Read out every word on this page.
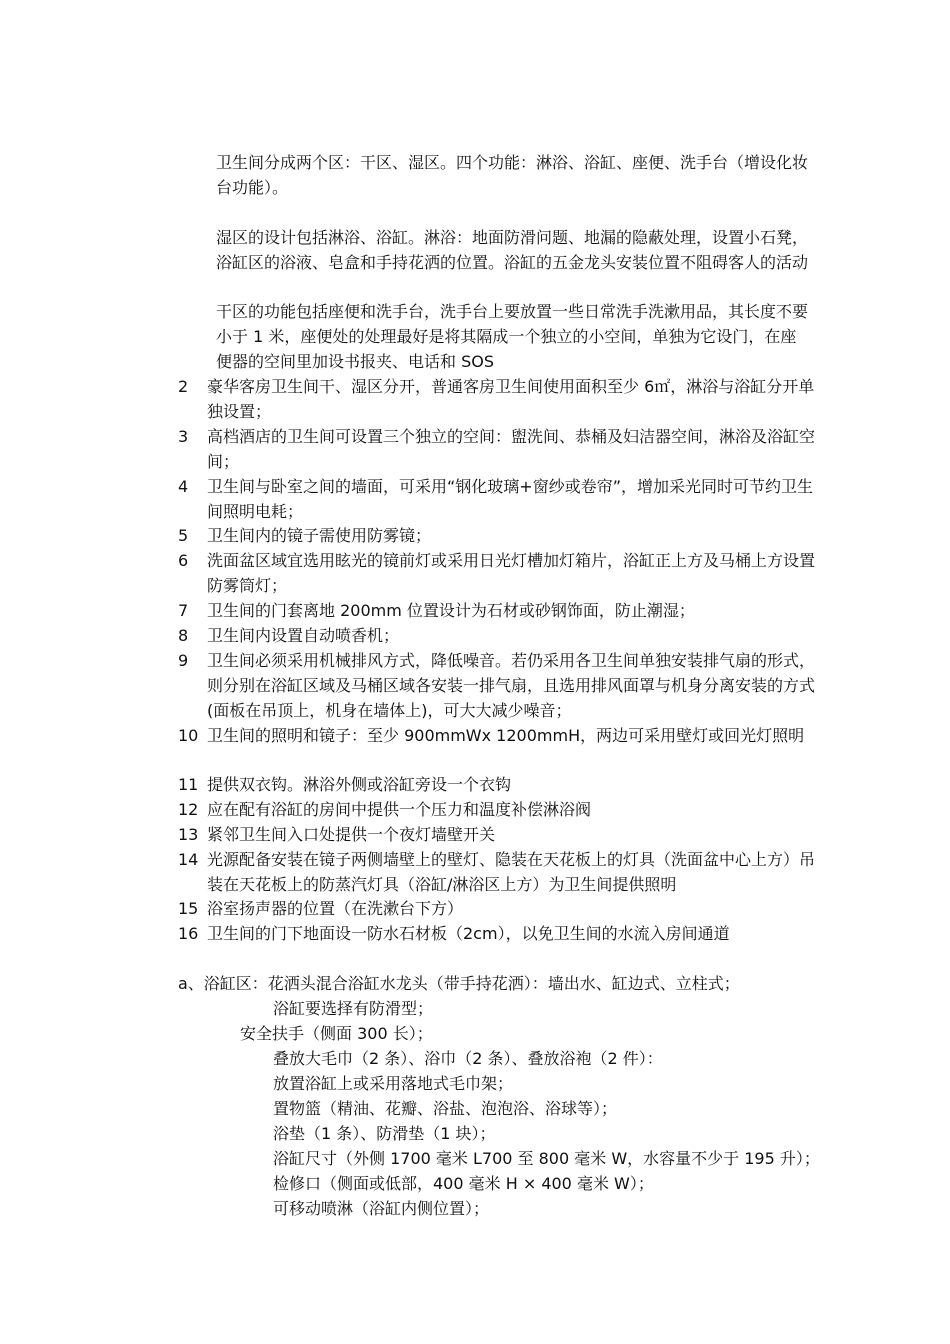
卫生间分成两个区：干区、湿区。四个功能：淋浴、浴缸、座便、洗手台（增设化妆台功能）。

湿区的设计包括淋浴、浴缸。淋浴：地面防滑问题、地漏的隐蔽处理，设置小石凳，浴缸区的浴液、皂盒和手持花洒的位置。浴缸的五金龙头安装位置不阻碍客人的活动

干区的功能包括座便和洗手台，洗手台上要放置一些日常洗手洗漱用品，其长度不要小于 1 米，座便处的处理最好是将其隔成一个独立的小空间，单独为它设门，在座便器的空间里加设书报夹、电话和 SOS

2	豪华客房卫生间干、湿区分开，普通客房卫生间使用面积至少 6㎡，淋浴与浴缸分开单独设置；
3	高档酒店的卫生间可设置三个独立的空间：盥洗间、恭桶及妇洁器空间，淋浴及浴缸空间；
4	卫生间与卧室之间的墙面，可采用“钢化玻璃+窗纱或卷帘”，增加采光同时可节约卫生间照明电耗；
5	卫生间内的镜子需使用防雾镜；
6	洗面盆区域宜选用眩光的镜前灯或采用日光灯槽加灯箱片，浴缸正上方及马桶上方设置防雾筒灯；
7	卫生间的门套离地 200mm 位置设计为石材或砂钢饰面，防止潮湿；
8	卫生间内设置自动喷香机；
9	卫生间必须采用机械排风方式，降低噪音。若仍采用各卫生间单独安装排气扇的形式，则分别在浴缸区域及马桶区域各安装一排气扇，且选用排风面罩与机身分离安装的方式(面板在吊顶上，机身在墙体上)，可大大减少噪音；
10 卫生间的照明和镜子：至少 900mmWx 1200mmH，两边可采用壁灯或回光灯照明
11 提供双衣钩。淋浴外侧或浴缸旁设一个衣钩
12 应在配有浴缸的房间中提供一个压力和温度补偿淋浴阀
13 紧邻卫生间入口处提供一个夜灯墙壁开关
14 光源配备安装在镜子两侧墙壁上的壁灯、隐装在天花板上的灯具（洗面盆中心上方）吊装在天花板上的防蒸汽灯具（浴缸/淋浴区上方）为卫生间提供照明
15 浴室扬声器的位置（在洗漱台下方）
16 卫生间的门下地面设一防水石材板（2cm），以免卫生间的水流入房间通道

a、浴缸区：花洒头混合浴缸水龙头（带手持花洒）：墙出水、缸边式、立柱式；

浴缸要选择有防滑型；

安全扶手（侧面 300 长）；

叠放大毛巾（2 条）、浴巾（2 条）、叠放浴袍（2 件）：

放置浴缸上或采用落地式毛巾架；

置物篮（精油、花瓣、浴盐、泡泡浴、浴球等）；

浴垫（1 条）、防滑垫（1 块）；

浴缸尺寸（外侧 1700 毫米 L700 至 800 毫米 W，水容量不少于 195 升）；

检修口（侧面或低部，400 毫米 H × 400 毫米 W）；

可移动喷淋（浴缸内侧位置）；
